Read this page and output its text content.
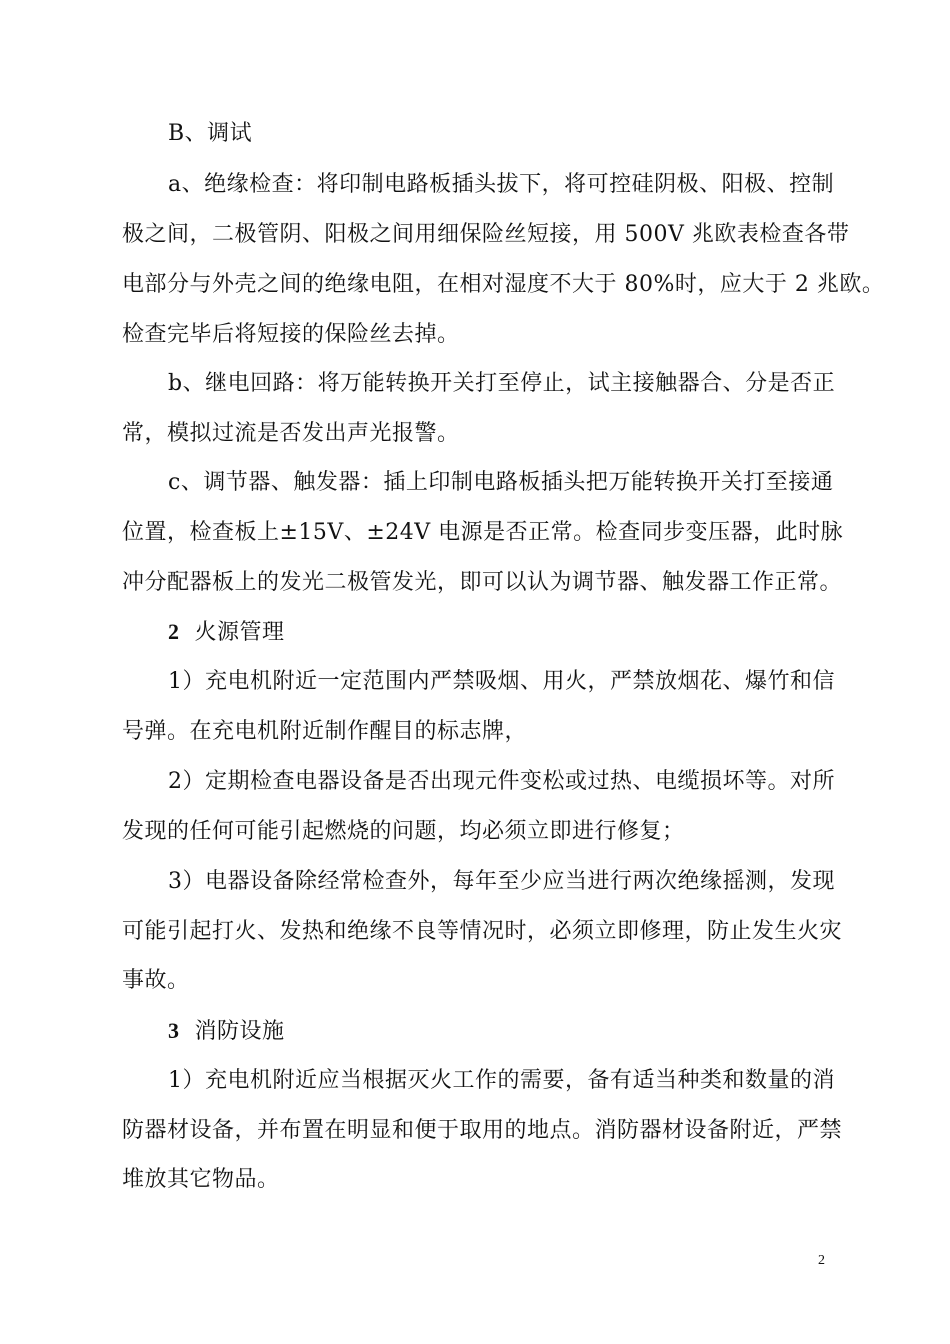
B、调试
a、绝缘检查：将印制电路板插头拔下，将可控硅阴极、阳极、控制
极之间，二极管阴、阳极之间用细保险丝短接，用 500V 兆欧表检查各带
电部分与外壳之间的绝缘电阻，在相对湿度不大于 80%时，应大于 2 兆欧。
检查完毕后将短接的保险丝去掉。
b、继电回路：将万能转换开关打至停止，试主接触器合、分是否正
常，模拟过流是否发出声光报警。
c、调节器、触发器：插上印制电路板插头把万能转换开关打至接通
位置，检查板上±15V、±24V 电源是否正常。检查同步变压器，此时脉
冲分配器板上的发光二极管发光，即可以认为调节器、触发器工作正常。
2 火源管理
1）充电机附近一定范围内严禁吸烟、用火，严禁放烟花、爆竹和信
号弹。在充电机附近制作醒目的标志牌，
2）定期检查电器设备是否出现元件变松或过热、电缆损坏等。对所
发现的任何可能引起燃烧的问题，均必须立即进行修复；
3）电器设备除经常检查外，每年至少应当进行两次绝缘摇测，发现
可能引起打火、发热和绝缘不良等情况时，必须立即修理，防止发生火灾
事故。
3 消防设施
1）充电机附近应当根据灭火工作的需要，备有适当种类和数量的消
防器材设备，并布置在明显和便于取用的地点。消防器材设备附近，严禁
堆放其它物品。
2
